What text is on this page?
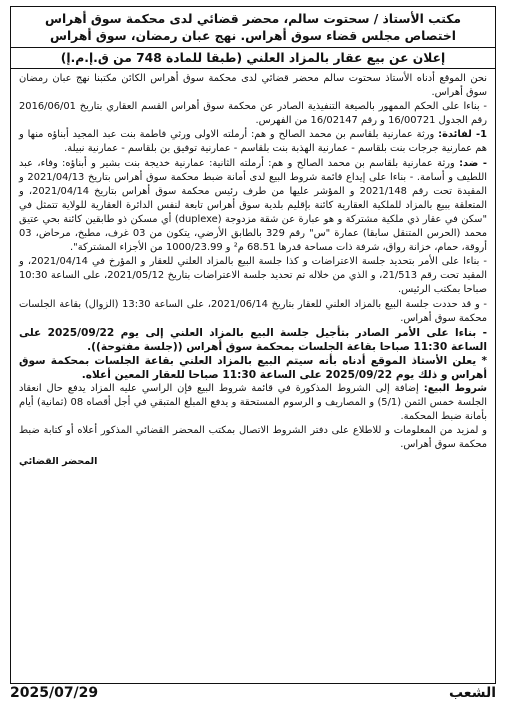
مكتب الأستاذ / سحتوت سالم، محضر قضائي لدى محكمة سوق أهراس

اختصاص مجلس قضاء سوق أهراس. نهج عبان رمضان، سوق أهراس

إعلان عن بيع عقار بالمزاد العلني (طبقا للمادة 748 من ق.إ.م.إ)

نحن الموقع أدناه الأستاذ سحتوت سالم محضر قضائي لدى محكمة سوق أهراس الكائن مكتبنا نهج عبان رمضان سوق أهراس.

- بناءا على الحكم الممهور بالصيغة التنفيذية الصادر عن محكمة سوق أهراس القسم العقاري بتاريخ 2016/06/01 رقم الجدول 16/00721 و رقم 16/02147 من الفهرس.

1- لفائدة: ورثة عمارنية بلقاسم بن محمد الصالح و هم: أرملته الاولى ورثي فاطمة بنت عبد المجيد أبناؤه منها و هم عمارنية جرجات بنت بلقاسم - عمارنية الهذبة بنت بلقاسم - عمارنية توفيق بن بلقاسم - عمارنية نبيلة.

- ضد: ورثة عمارنية بلقاسم بن محمد الصالح و هم: أرملته الثانية: عمارنية خديجة بنت بشير و أبناؤه: وفاء، عبد اللطيف و أسامة. - بناءا على إيداع قائمة شروط البيع لدى أمانة ضبط محكمة سوق أهراس بتاريخ 2021/04/13 و المقيدة تحت رقم 2021/148 و المؤشر عليها من طرف رئيس محكمة سوق أهراس بتاريخ 2021/04/14، و المتعلقة ببيع بالمزاد للملكية العقارية كائنة بإقليم بلدية سوق أهراس تابعة لنفس الدائرة العقارية للولاية تتمثل في "سكن في عقار ذي ملكية مشتركة و هو عبارة عن شقة مزدوجة (duplexe) أي مسكن ذو طابقين كائنة بحي عتيق محمد (الحرس المتنقل سابقا) عمارة "س" رقم 329 بالطابق الأرضي، يتكون من 03 غرف، مطبخ، مرحاض، 03 أروقة، حمام، خزانة رواق، شرفة ذات مساحة قدرها 68.51 م² و 1000/23.99 من الأجزاء المشتركة".

- بناءا على الأمر بتحديد جلسة الاعتراضات و كذا جلسة البيع بالمزاد العلني للعقار و المؤرخ في 2021/04/14، و المقيد تحت رقم 21/513، و الذي من خلاله تم تحديد جلسة الاعتراضات بتاريخ 2021/05/12، على الساعة 10:30 صباحا بمكتب الرئيس.

- و قد حددت جلسة البيع بالمزاد العلني للعقار بتاريخ 2021/06/14، على الساعة 13:30 (الزوال) بقاعة الجلسات محكمة سوق أهراس.

- بناءا على الأمر الصادر بتأجيل جلسة البيع بالمزاد العلني إلى يوم 2025/09/22 على الساعة 11:30 صباحا بقاعة الجلسات بمحكمة سوق أهراس ((جلسة مفتوحة)).

* يعلن الأستاذ الموقع أدناه بأنه سيتم البيع بالمزاد العلني بقاعة الجلسات بمحكمة سوق أهراس و ذلك يوم 2025/09/22 على الساعة 11:30 صباحا للعقار المعين أعلاه.

شروط البيع: إضافة إلى الشروط المذكورة في قائمة شروط البيع فإن الراسي عليه المزاد يدفع حال انعقاد الجلسة خمس الثمن (5/1) و المصاريف و الرسوم المستحقة و يدفع المبلغ المتبقي في أجل أقصاه 08 (ثمانية) أيام بأمانة ضبط المحكمة.

و لمزيد من المعلومات و للاطلاع على دفتر الشروط الاتصال بمكتب المحضر القضائي المذكور أعلاه أو كتابة ضبط محكمة سوق أهراس.
المحضر القضائي
الشعب
2025/07/29
